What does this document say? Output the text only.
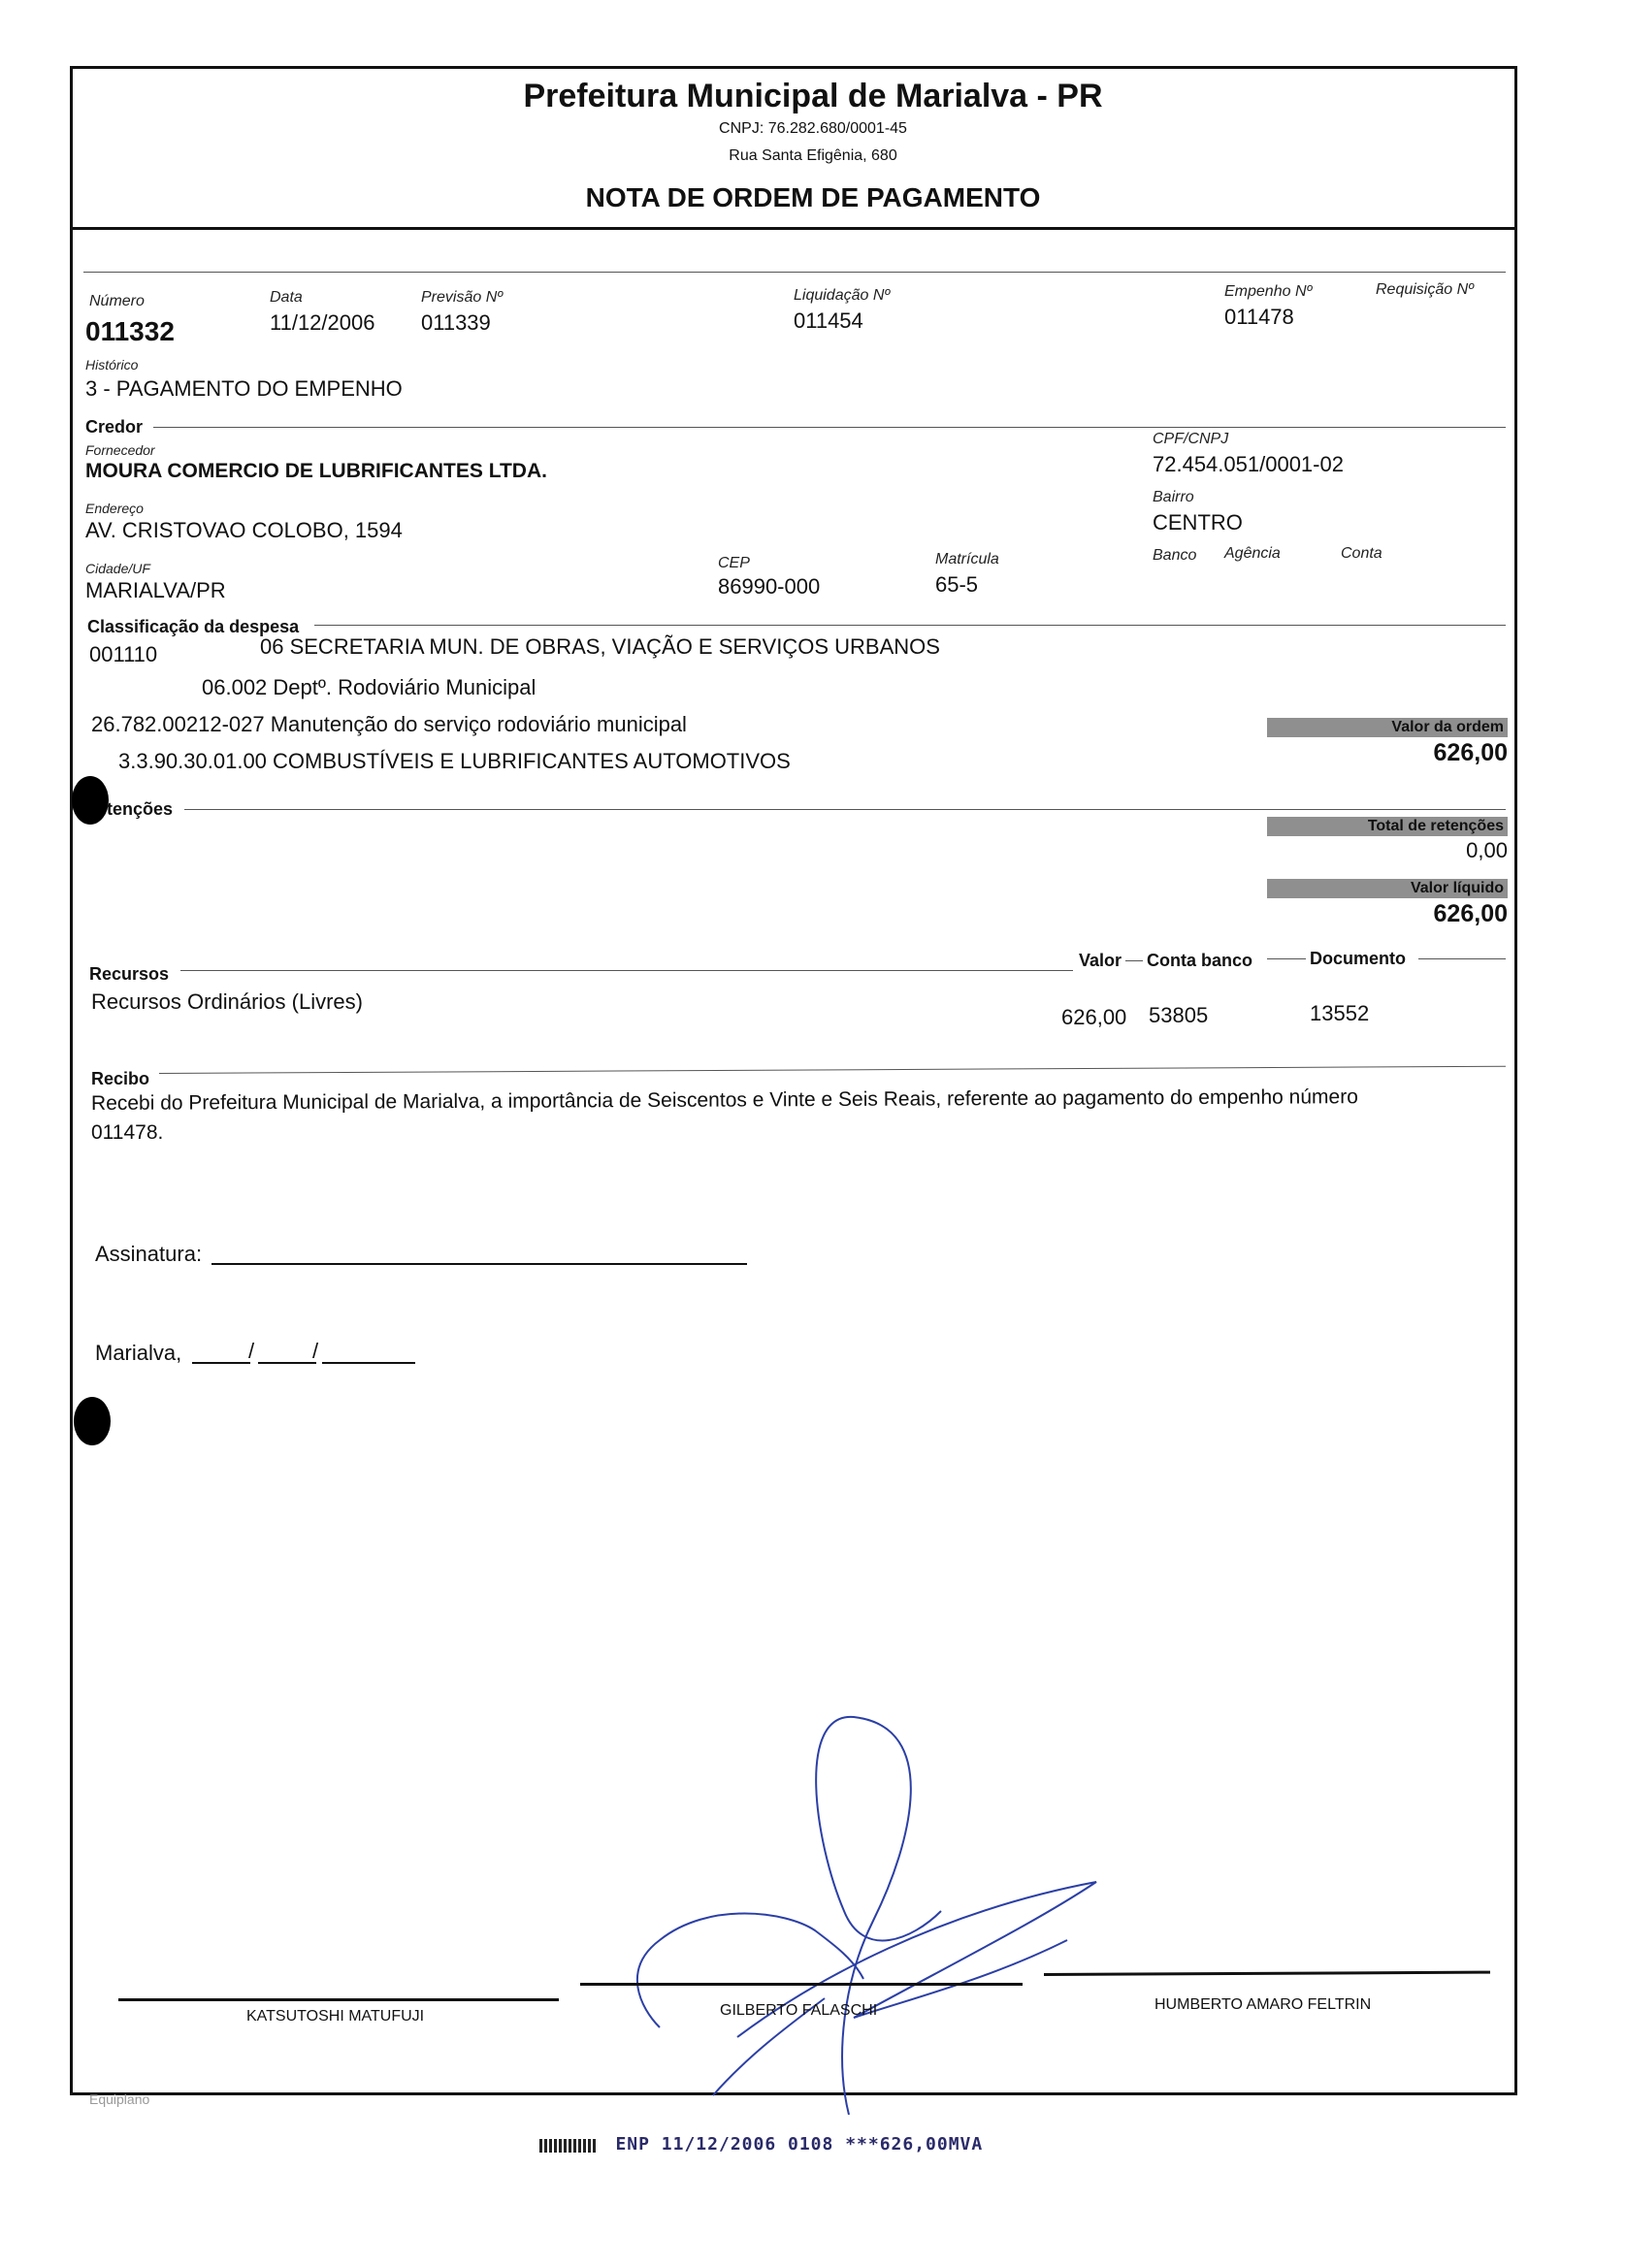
Prefeitura Municipal de Marialva - PR
CNPJ: 76.282.680/0001-45
Rua Santa Efigênia, 680
NOTA DE ORDEM DE PAGAMENTO
Número
011332
Data
11/12/2006
Previsão Nº
011339
Liquidação Nº
011454
Empenho Nº
011478
Requisição Nº
Histórico
3 - PAGAMENTO DO EMPENHO
Credor
Fornecedor
MOURA COMERCIO DE LUBRIFICANTES LTDA.
CPF/CNPJ
72.454.051/0001-02
Endereço
AV. CRISTOVAO COLOBO, 1594
Bairro
CENTRO
Cidade/UF
MARIALVA/PR
CEP
86990-000
Matrícula
65-5
Banco Agência	Conta
Classificação da despesa
001110	06 SECRETARIA MUN. DE OBRAS, VIAÇÃO E SERVIÇOS URBANOS
06.002 Deptº. Rodoviário Municipal
26.782.00212-027 Manutenção do serviço rodoviário municipal
3.3.90.30.01.00 COMBUSTÍVEIS E LUBRIFICANTES AUTOMOTIVOS
Valor da ordem
626,00
tenções
Total de retenções
0,00
Valor líquido
626,00
Recursos
Valor Conta banco	Documento
Recursos Ordinários (Livres)
626,00 53805	13552
Recibo
Recebi do Prefeitura Municipal de Marialva, a importância de Seiscentos e Vinte e Seis Reais, referente ao pagamento do empenho número
011478.
Assinatura:
Marialva,	/	/
KATSUTOSHI MATUFUJI	GILBERTO FALASCHI	HUMBERTO AMARO FELTRIN
Equiplano
ENP 11/12/2006 0108 ***626,00MVA
